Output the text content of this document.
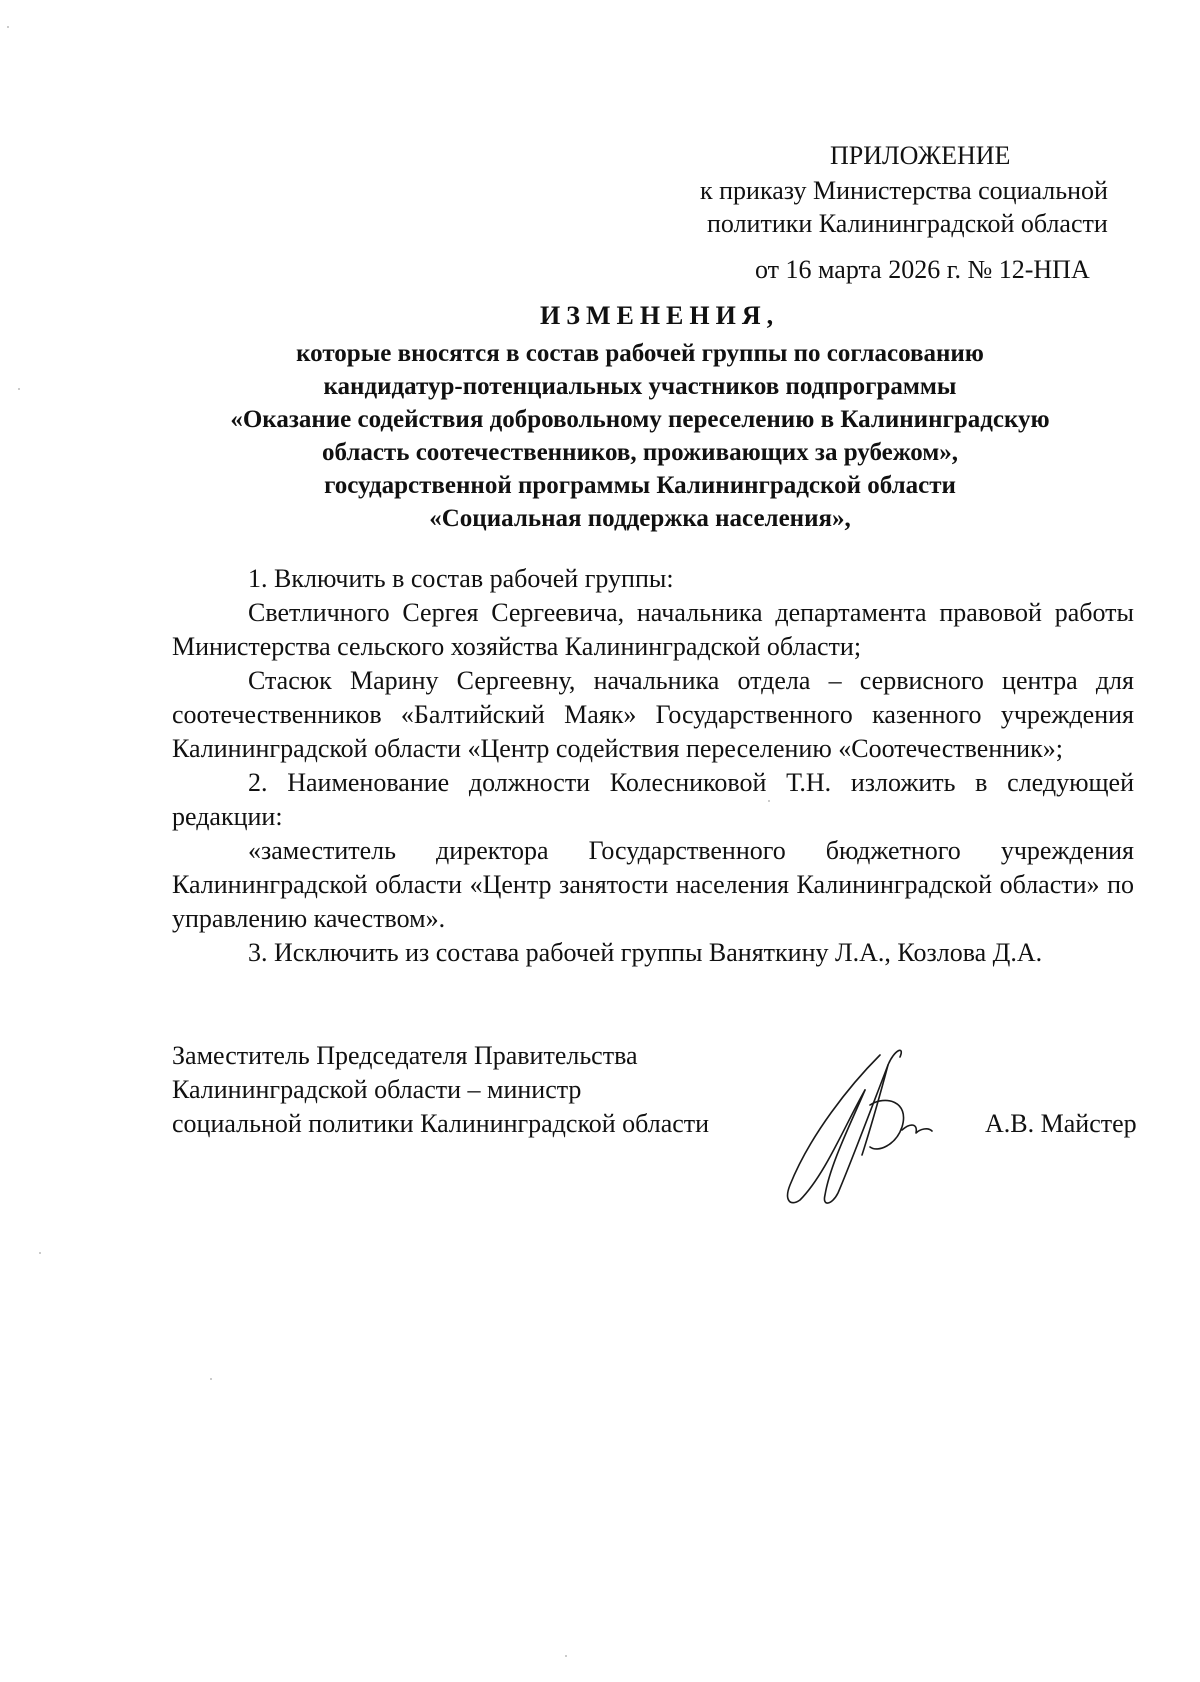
ПРИЛОЖЕНИЕ
к приказу Министерства социальной
политики Калининградской области
от 16 марта 2026 г. № 12-НПА
ИЗМЕНЕНИЯ,
которые вносятся в состав рабочей группы по согласованию
кандидатур-потенциальных участников подпрограммы
«Оказание содействия добровольному переселению в Калининградскую
область соотечественников, проживающих за рубежом»,
государственной программы Калининградской области
«Социальная поддержка населения»,

1. Включить в состав рабочей группы:

Светличного Сергея Сергеевича, начальника департамента правовой работы Министерства сельского хозяйства Калининградской области;

Стасюк Марину Сергеевну, начальника отдела – сервисного центра для соотечественников «Балтийский Маяк» Государственного казенного учреждения Калининградской области «Центр содействия переселению «Соотечественник»;

2. Наименование должности Колесниковой Т.Н. изложить в следующей редакции:

«заместитель директора Государственного бюджетного учреждения Калининградской области «Центр занятости населения Калининградской области» по управлению качеством».

3. Исключить из состава рабочей группы Ваняткину Л.А., Козлова Д.А.

Заместитель Председателя Правительства
Калининградской области – министр
социальной политики Калининградской области	А.В. Майстер
